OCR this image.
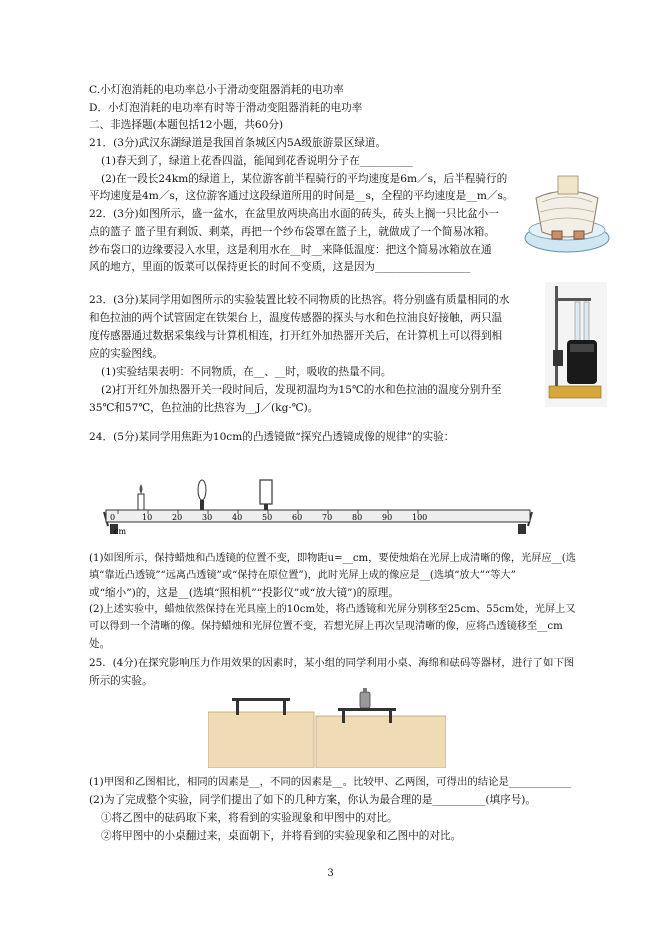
C.小灯泡消耗的电功率总小于滑动变阻器消耗的电功率
D．小灯泡消耗的电功率有时等于滑动变阻器消耗的电功率
二、非选择题(本题包括12小题，共60分)
21．(3分)武汉东湖绿道是我国首条城区内5A级旅游景区绿道。
(1)春天到了，绿道上花香四溢，能闻到花香说明分子在__________
(2)在一段长24km的绿道上，某位游客前半程骑行的平均速度是6m／s，后半程骑行的
平均速度是4m／s，这位游客通过这段绿道所用的时间是__s，全程的平均速度是__m／s。
22．(3分)如图所示，盛一盆水，在盆里放两块高出水面的砖头，砖头上搁一只比盆小一
点的篮子 篮子里有剩饭、剩菜，再把一个纱布袋罩在篮子上，就做成了一个简易冰箱。
纱布袋口的边缘要浸入水里，这是利用水在__时__来降低温度：把这个简易冰箱放在通
风的地方，里面的饭菜可以保持更长的时间不变质，这是因为__________________
23．(3分)某同学用如图所示的实验装置比较不同物质的比热容。将分别盛有质量相同的水
和色拉油的两个试管固定在铁架台上，温度传感器的探头与水和色拉油良好接触，两只温
度传感器通过数据采集线与计算机相连，打开红外加热器开关后，在计算机上可以得到相
应的实验图线。
(1)实验结果表明：不同物质，在__、__时，吸收的热量不同。
(2)打开红外加热器开关一段时间后，发现初温均为15℃的水和色拉油的温度分别升至
35℃和57℃，色拉油的比热容为__J／(kg·℃)。
24．(5分)某同学用焦距为10cm的凸透镜做“探究凸透镜成像的规律”的实验：
(1)如图所示，保持蜡烛和凸透镜的位置不变，即物距u=__cm，要使烛焰在光屏上成清晰的像，光屏应__(选
填“靠近凸透镜”“远离凸透镜”或“保持在原位置”)，此时光屏上成的像应是__(选填“放大”“等大”
或“缩小”)的，这是__(选填“照相机”“投影仪”或“放大镜”)的原理。
(2)上述实验中，蜡烛依然保持在光具座上的10cm处，将凸透镜和光屏分别移至25cm、55cm处，光屏上又
可以得到一个清晰的像。保持蜡烛和光屏位置不变，若想光屏上再次呈现清晰的像，应将凸透镜移至__cm
处。
25．(4分)在探究影响压力作用效果的因素时，某小组的同学利用小桌、海绵和砝码等器材，进行了如下图
所示的实验。
(1)甲图和乙图相比，相同的因素是__，不同的因素是__。比较甲、乙两图，可得出的结论是____________
(2)为了完成整个实验，同学们提出了如下的几种方案，你认为最合理的是__________(填序号)。
①将乙图中的砝码取下来，将看到的实验现象和甲图中的对比。
②将甲图中的小桌翻过来，桌面朝下，并将看到的实验现象和乙图中的对比。
10 20 30 40 50 60 70 80 90 100
0
cm
3
